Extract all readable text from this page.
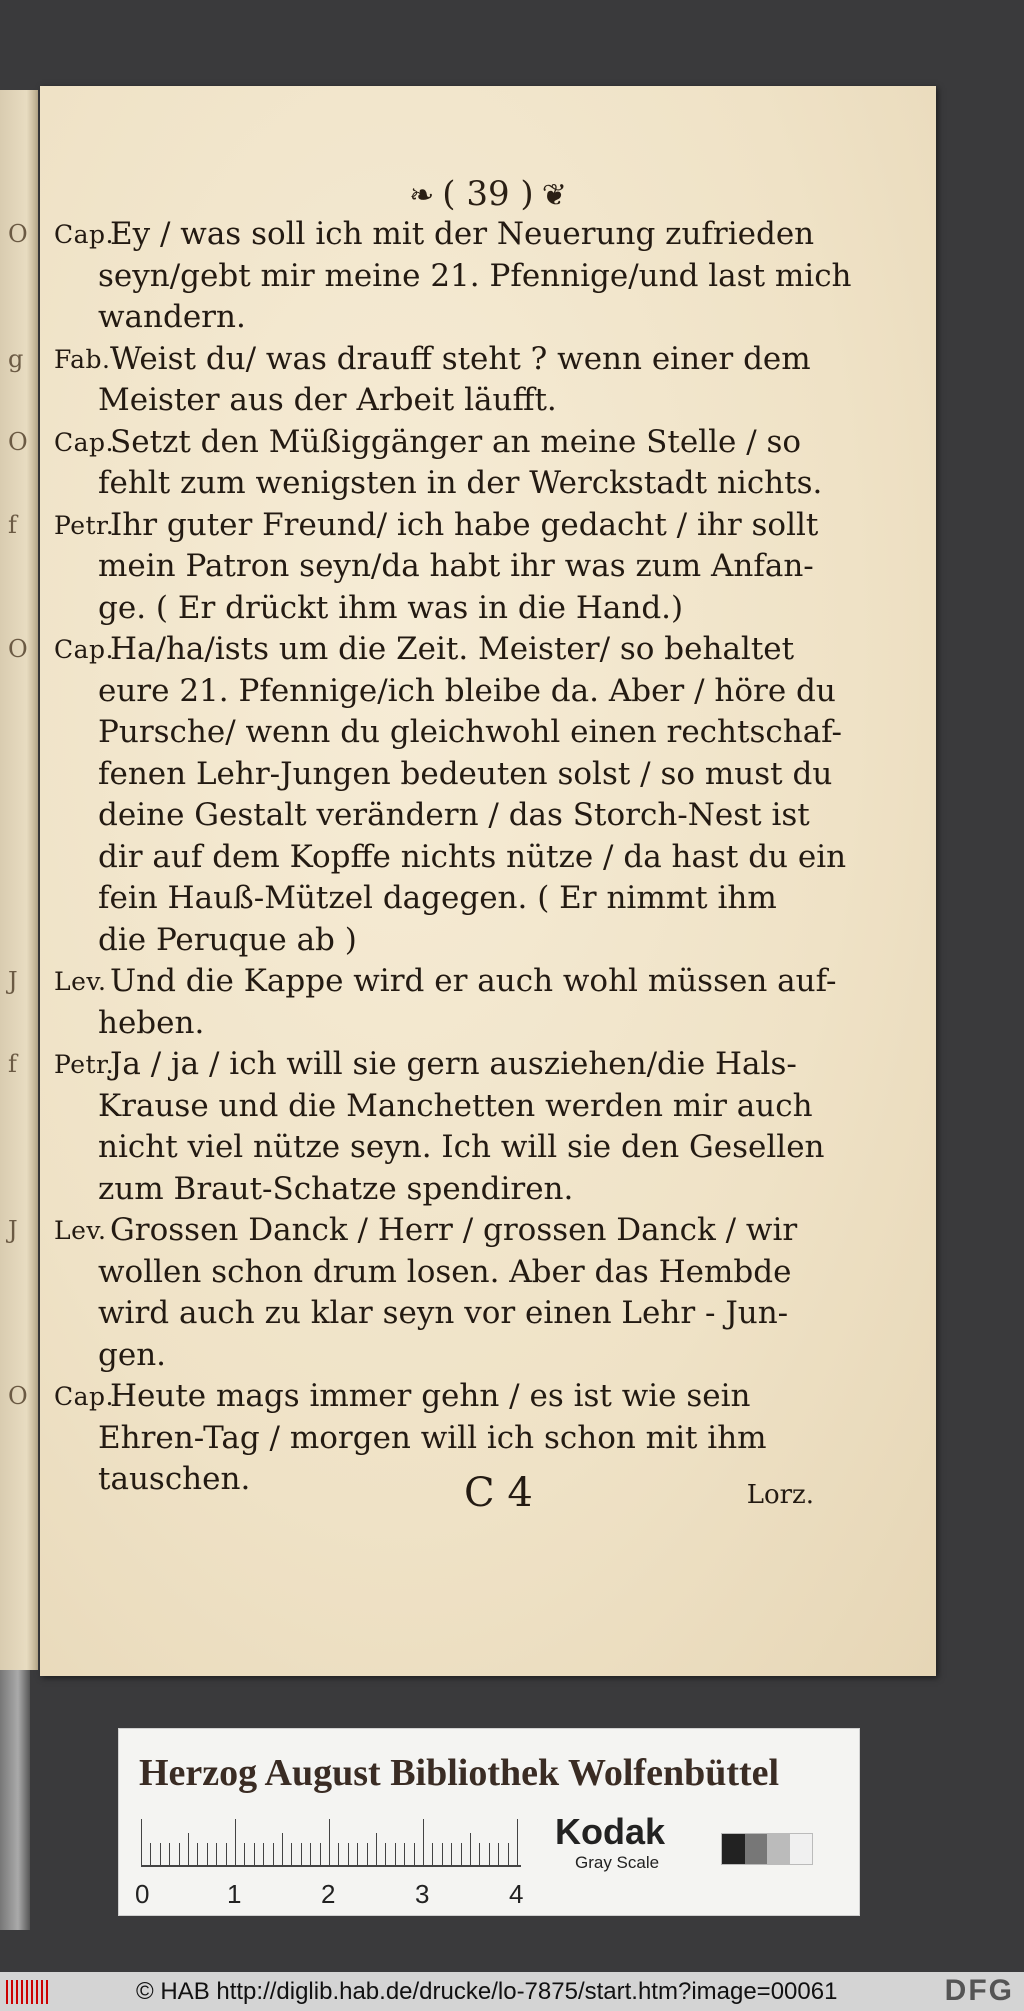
❧ ( 39 ) ❦
O Cap.
Ey / was soll ich mit der Neuerung zufrieden
seyn/gebt mir meine 21. Pfennige/und last mich
wandern.
g Fab. Weist du/ was drauff steht ? wenn einer dem
Meister aus der Arbeit läufft.
O Cap.
Setzt den Müßiggänger an meine Stelle / so
fehlt zum wenigsten in der Werckstadt nichts.
f Petr.
Ihr guter Freund/ ich habe gedacht / ihr sollt
mein Patron seyn/da habt ihr was zum Anfan-
ge. ( Er drückt ihm was in die Hand.)
O Cap.
Ha/ha/ists um die Zeit. Meister/ so behaltet
eure 21. Pfennige/ich bleibe da. Aber / höre du
Pursche/ wenn du gleichwohl einen rechtschaf-
fenen Lehr-Jungen bedeuten solst / so must du
deine Gestalt verändern / das Storch-Nest ist
dir auf dem Kopffe nichts nütze / da hast du ein
fein Hauß-Mützel dagegen. ( Er nimmt ihm
die Peruque ab )
J Lev. Und die Kappe wird er auch wohl müssen auf-
heben.
f Petr.
Ja / ja / ich will sie gern ausziehen/die Hals-
Krause und die Manchetten werden mir auch
nicht viel nütze seyn. Ich will sie den Gesellen
zum Braut-Schatze spendiren.
J Lev. Grossen Danck / Herr / grossen Danck / wir
wollen schon drum losen. Aber das Hembde
wird auch zu klar seyn vor einen Lehr - Jun-
gen.
O Cap.
Heute mags immer gehn / es ist wie sein
Ehren-Tag / morgen will ich schon mit ihm
tauschen.	C 4	Lorz.
Herzog August Bibliothek Wolfenbüttel
0	1	2	3	4
Kodak
Gray Scale
© HAB http://diglib.hab.de/drucke/lo-7875/start.htm?image=00061	DFG
